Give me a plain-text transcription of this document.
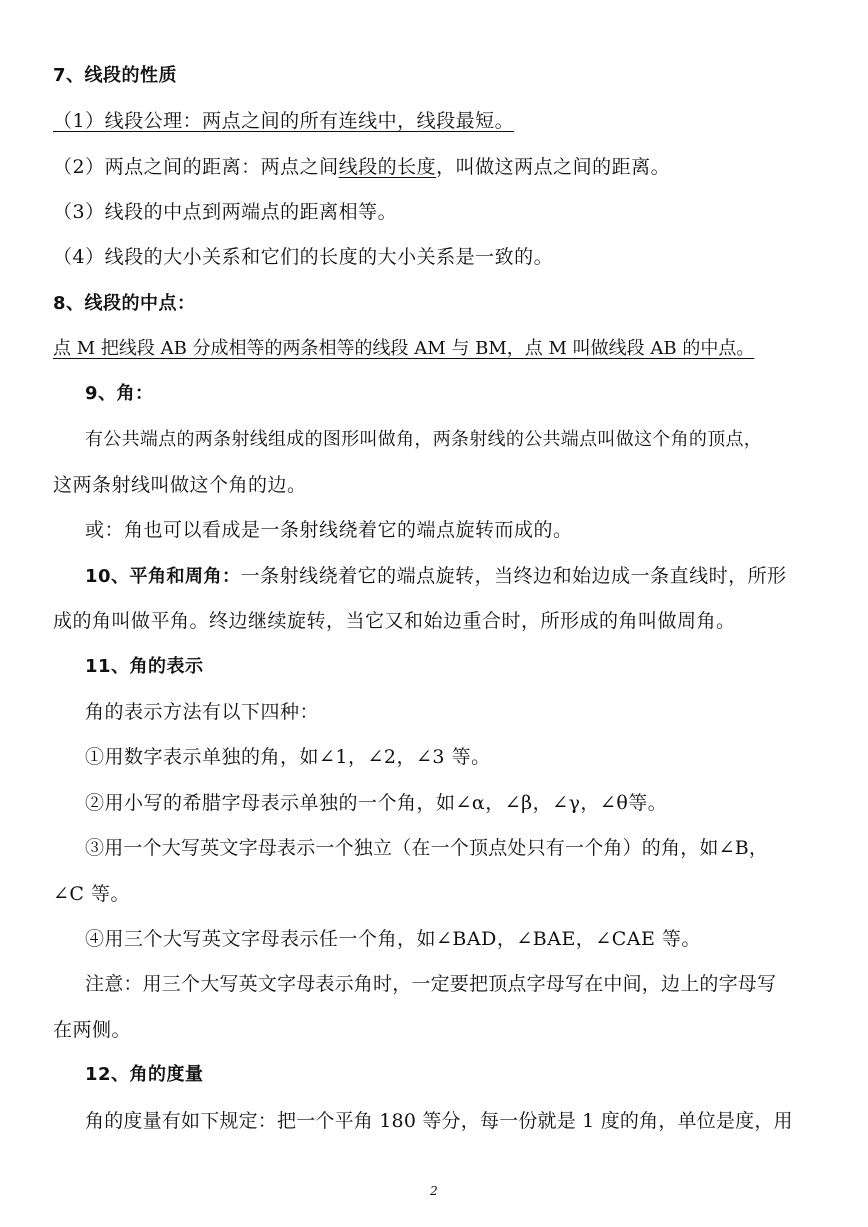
7、线段的性质
（1）线段公理：两点之间的所有连线中，线段最短。
（2）两点之间的距离：两点之间线段的长度，叫做这两点之间的距离。
（3）线段的中点到两端点的距离相等。
（4）线段的大小关系和它们的长度的大小关系是一致的。
8、线段的中点：
点 M 把线段 AB 分成相等的两条相等的线段 AM 与 BM，点 M 叫做线段 AB 的中点。
9、角：
有公共端点的两条射线组成的图形叫做角，两条射线的公共端点叫做这个角的顶点，
这两条射线叫做这个角的边。
或：角也可以看成是一条射线绕着它的端点旋转而成的。
10、平角和周角：一条射线绕着它的端点旋转，当终边和始边成一条直线时，所形
成的角叫做平角。终边继续旋转，当它又和始边重合时，所形成的角叫做周角。
11、角的表示
角的表示方法有以下四种：
①用数字表示单独的角，如∠1，∠2，∠3 等。
②用小写的希腊字母表示单独的一个角，如∠α，∠β，∠γ，∠θ等。
③用一个大写英文字母表示一个独立（在一个顶点处只有一个角）的角，如∠B，
∠C 等。
④用三个大写英文字母表示任一个角，如∠BAD，∠BAE，∠CAE 等。
注意：用三个大写英文字母表示角时，一定要把顶点字母写在中间，边上的字母写
在两侧。
12、角的度量
角的度量有如下规定：把一个平角 180 等分，每一份就是 1 度的角，单位是度，用
2
